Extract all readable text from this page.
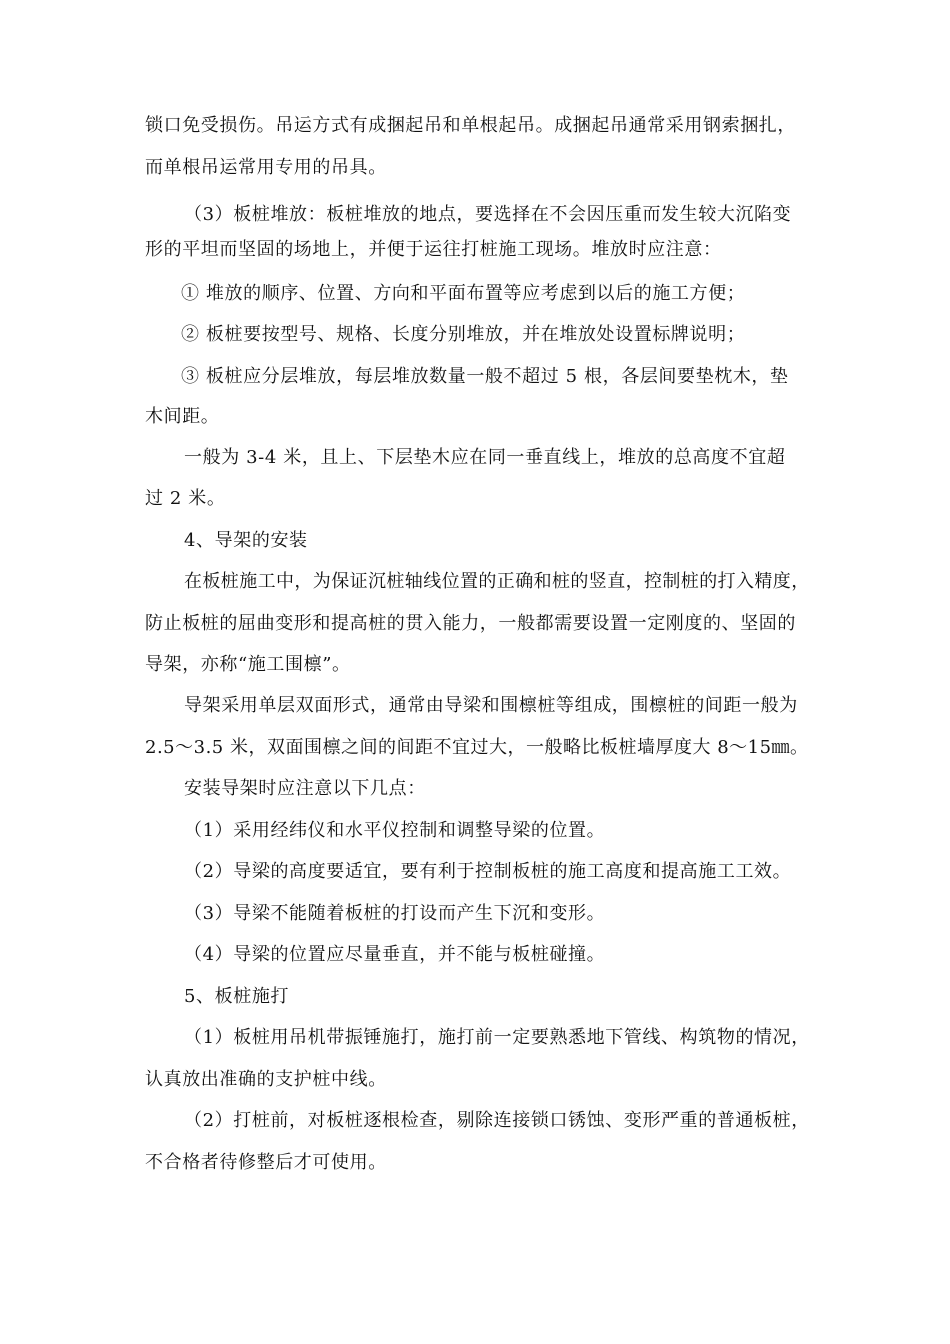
锁口免受损伤。吊运方式有成捆起吊和单根起吊。成捆起吊通常采用钢索捆扎，
而单根吊运常用专用的吊具。
（3）板桩堆放：板桩堆放的地点，要选择在不会因压重而发生较大沉陷变
形的平坦而坚固的场地上，并便于运往打桩施工现场。堆放时应注意：
① 堆放的顺序、位置、方向和平面布置等应考虑到以后的施工方便；
② 板桩要按型号、规格、长度分别堆放，并在堆放处设置标牌说明；
③ 板桩应分层堆放，每层堆放数量一般不超过 5 根，各层间要垫枕木，垫
木间距。
一般为 3-4 米，且上、下层垫木应在同一垂直线上，堆放的总高度不宜超
过 2 米。
4、导架的安装
在板桩施工中，为保证沉桩轴线位置的正确和桩的竖直，控制桩的打入精度，
防止板桩的屈曲变形和提高桩的贯入能力，一般都需要设置一定刚度的、坚固的
导架，亦称“施工围檩”。
导架采用单层双面形式，通常由导梁和围檩桩等组成，围檩桩的间距一般为
2.5～3.5 米，双面围檩之间的间距不宜过大，一般略比板桩墙厚度大 8～15㎜。
安装导架时应注意以下几点：
（1）采用经纬仪和水平仪控制和调整导梁的位置。
（2）导梁的高度要适宜，要有利于控制板桩的施工高度和提高施工工效。
（3）导梁不能随着板桩的打设而产生下沉和变形。
（4）导梁的位置应尽量垂直，并不能与板桩碰撞。
5、板桩施打
（1）板桩用吊机带振锤施打，施打前一定要熟悉地下管线、构筑物的情况，
认真放出准确的支护桩中线。
（2）打桩前，对板桩逐根检查，剔除连接锁口锈蚀、变形严重的普通板桩，
不合格者待修整后才可使用。
